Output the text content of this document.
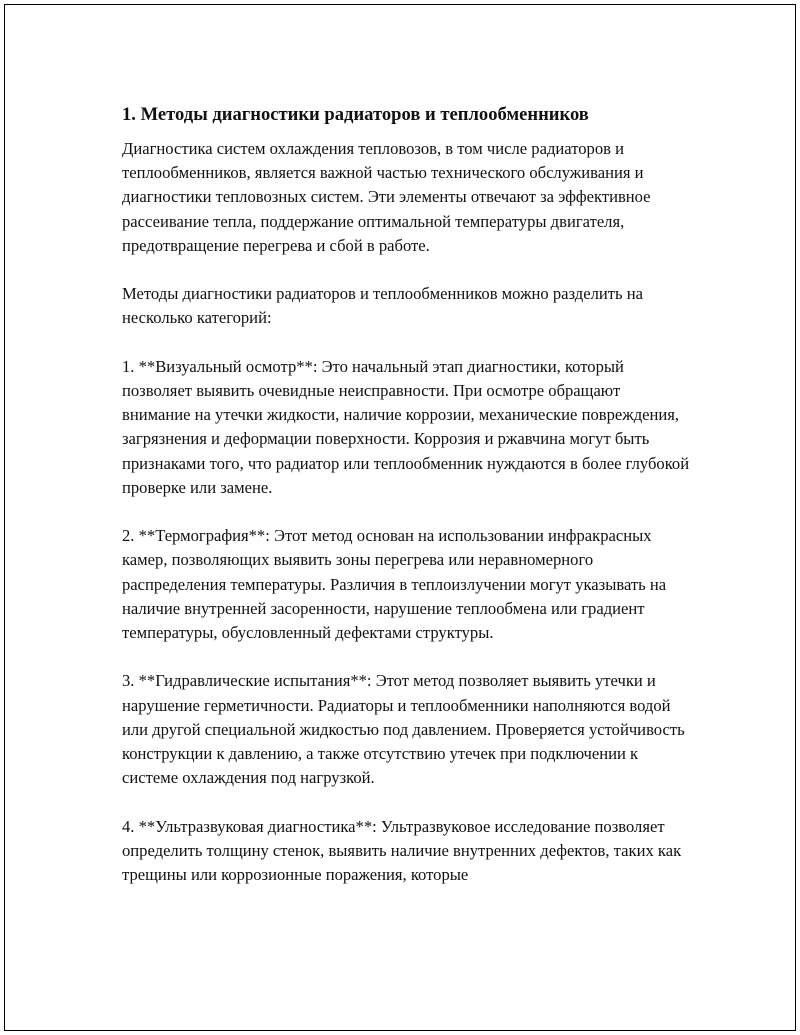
1. Методы диагностики радиаторов и теплообменников

Диагностика систем охлаждения тепловозов, в том числе радиаторов и теплообменников, является важной частью технического обслуживания и диагностики тепловозных систем. Эти элементы отвечают за эффективное рассеивание тепла, поддержание оптимальной температуры двигателя, предотвращение перегрева и сбой в работе.

Методы диагностики радиаторов и теплообменников можно разделить на несколько категорий:

1. **Визуальный осмотр**: Это начальный этап диагностики, который позволяет выявить очевидные неисправности. При осмотре обращают внимание на утечки жидкости, наличие коррозии, механические повреждения, загрязнения и деформации поверхности. Коррозия и ржавчина могут быть признаками того, что радиатор или теплообменник нуждаются в более глубокой проверке или замене.

2. **Термография**: Этот метод основан на использовании инфракрасных камер, позволяющих выявить зоны перегрева или неравномерного распределения температуры. Различия в теплоизлучении могут указывать на наличие внутренней засоренности, нарушение теплообмена или градиент температуры, обусловленный дефектами структуры.

3. **Гидравлические испытания**: Этот метод позволяет выявить утечки и нарушение герметичности. Радиаторы и теплообменники наполняются водой или другой специальной жидкостью под давлением. Проверяется устойчивость конструкции к давлению, а также отсутствию утечек при подключении к системе охлаждения под нагрузкой.

4. **Ультразвуковая диагностика**: Ультразвуковое исследование позволяет определить толщину стенок, выявить наличие внутренних дефектов, таких как трещины или коррозионные поражения, которые
